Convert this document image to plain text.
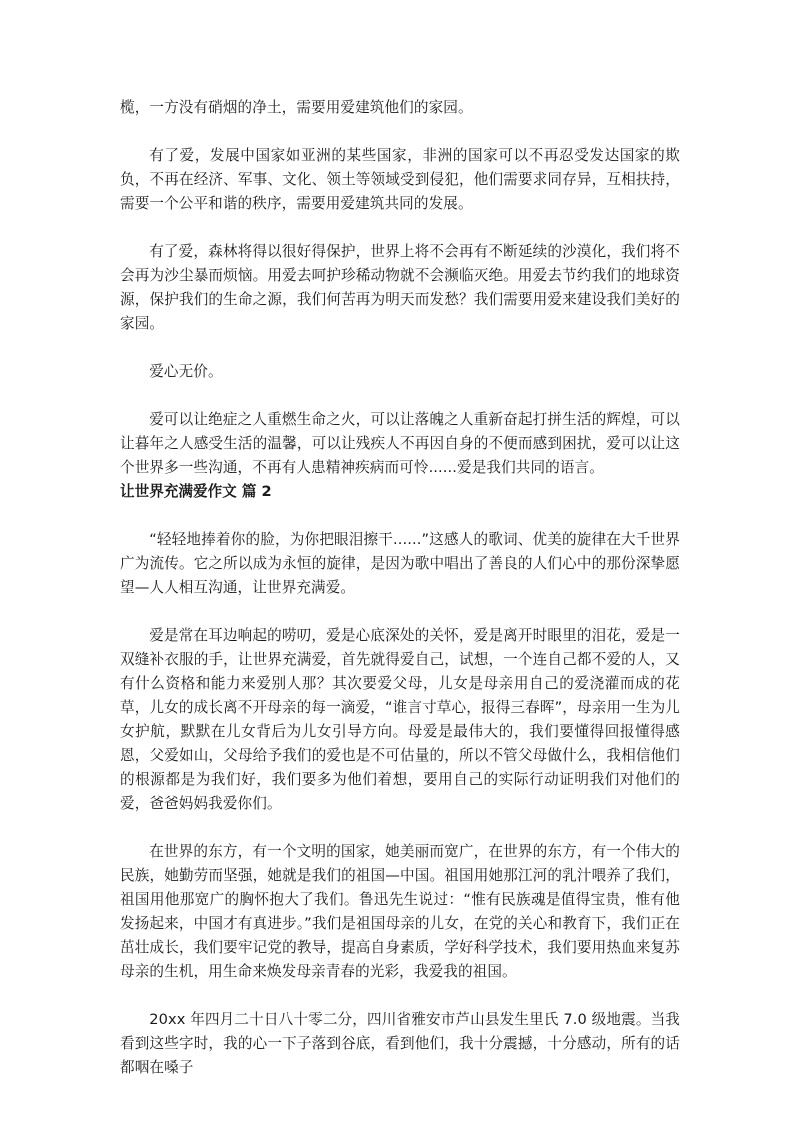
榄，一方没有硝烟的净土，需要用爱建筑他们的家园。

有了爱，发展中国家如亚洲的某些国家，非洲的国家可以不再忍受发达国家的欺负，不再在经济、军事、文化、领土等领域受到侵犯，他们需要求同存异，互相扶持，需要一个公平和谐的秩序，需要用爱建筑共同的发展。

有了爱，森林将得以很好得保护，世界上将不会再有不断延续的沙漠化，我们将不会再为沙尘暴而烦恼。用爱去呵护珍稀动物就不会濒临灭绝。用爱去节约我们的地球资源，保护我们的生命之源，我们何苦再为明天而发愁？我们需要用爱来建设我们美好的家园。

爱心无价。

爱可以让绝症之人重燃生命之火，可以让落魄之人重新奋起打拼生活的辉煌，可以让暮年之人感受生活的温馨，可以让残疾人不再因自身的不便而感到困扰，爱可以让这个世界多一些沟通，不再有人患精神疾病而可怜......爱是我们共同的语言。

让世界充满爱作文 篇 2

“轻轻地捧着你的脸，为你把眼泪擦干......”这感人的歌词、优美的旋律在大千世界广为流传。它之所以成为永恒的旋律，是因为歌中唱出了善良的人们心中的那份深挚愿望—人人相互沟通，让世界充满爱。

爱是常在耳边响起的唠叨，爱是心底深处的关怀，爱是离开时眼里的泪花，爱是一双缝补衣服的手，让世界充满爱，首先就得爱自己，试想，一个连自己都不爱的人，又有什么资格和能力来爱别人那？其次要爱父母，儿女是母亲用自己的爱浇灌而成的花草，儿女的成长离不开母亲的每一滴爱，“谁言寸草心，报得三春晖”，母亲用一生为儿女护航，默默在儿女背后为儿女引导方向。母爱是最伟大的，我们要懂得回报懂得感恩，父爱如山，父母给予我们的爱也是不可估量的，所以不管父母做什么，我相信他们的根源都是为我们好，我们要多为他们着想，要用自己的实际行动证明我们对他们的爱，爸爸妈妈我爱你们。

在世界的东方，有一个文明的国家，她美丽而宽广，在世界的东方，有一个伟大的民族，她勤劳而坚强，她就是我们的祖国—中国。祖国用她那江河的乳汁喂养了我们，祖国用他那宽广的胸怀抱大了我们。鲁迅先生说过：“惟有民族魂是值得宝贵，惟有他发扬起来，中国才有真进步。”我们是祖国母亲的儿女，在党的关心和教育下，我们正在茁壮成长，我们要牢记党的教导，提高自身素质，学好科学技术，我们要用热血来复苏母亲的生机，用生命来焕发母亲青春的光彩，我爱我的祖国。

20xx 年四月二十日八十零二分，四川省雅安市芦山县发生里氏 7.0 级地震。当我看到这些字时，我的心一下子落到谷底，看到他们，我十分震撼，十分感动，所有的话都咽在嗓子
